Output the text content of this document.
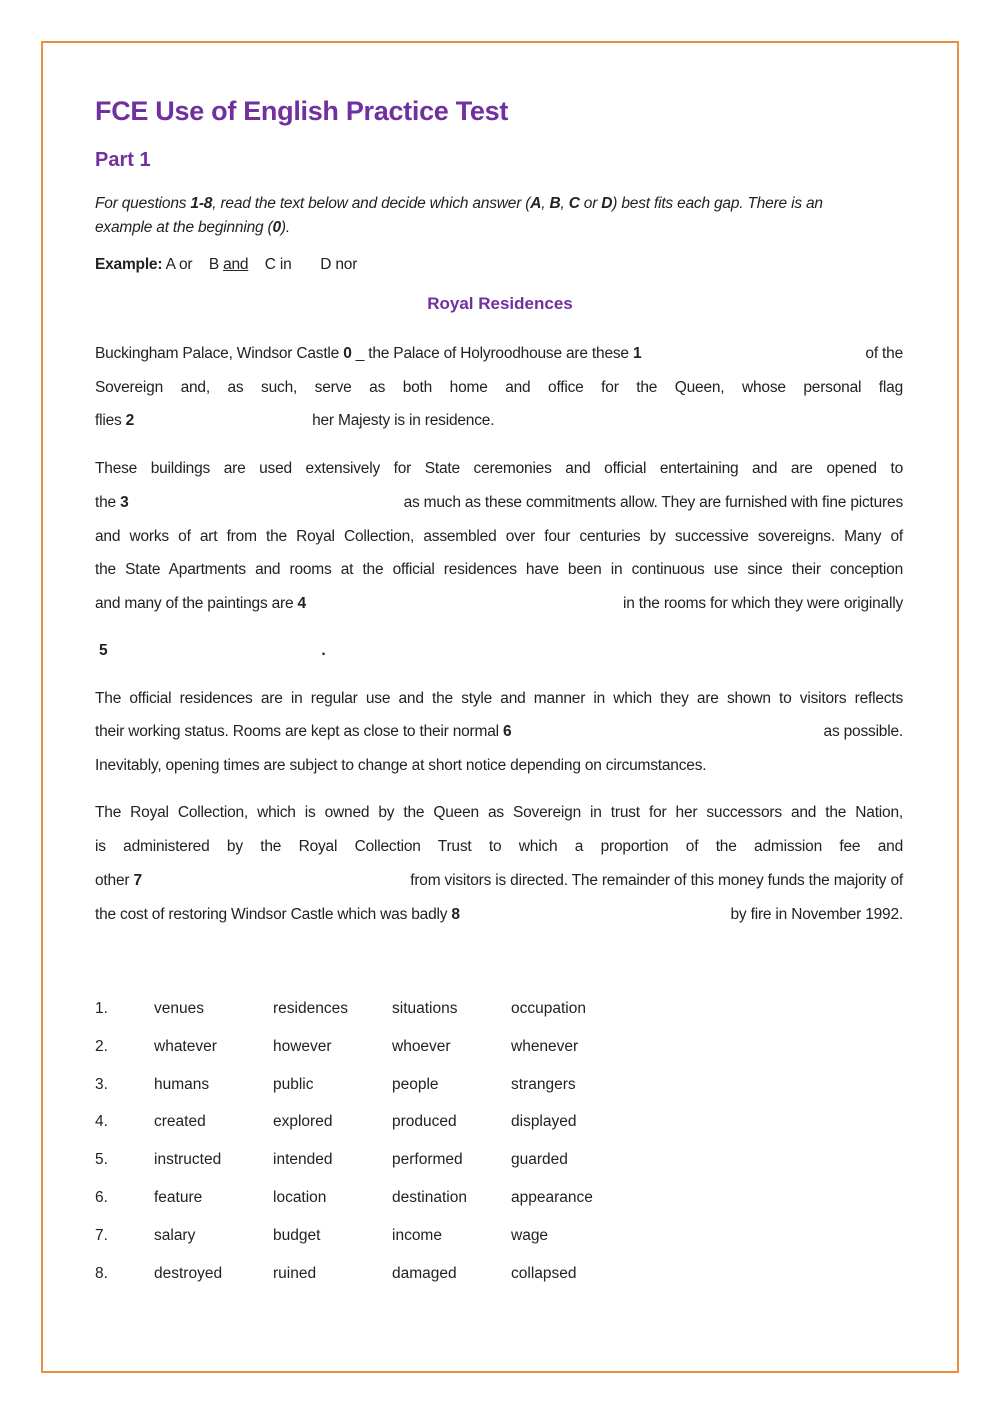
FCE Use of English Practice Test
Part 1
For questions 1-8, read the text below and decide which answer (A, B, C or D) best fits each gap. There is an
example at the beginning (0).
Example: A or B and C in D nor
Royal Residences
Buckingham Palace, Windsor Castle 0 _ the Palace of Holyroodhouse are these 1	of the
Sovereign and, as such, serve as both home and office for the Queen, whose personal flag
flies 2	her Majesty is in residence.
These buildings are used extensively for State ceremonies and official entertaining and are opened to
the 3	as much as these commitments allow. They are furnished with fine pictures
and works of art from the Royal Collection, assembled over four centuries by successive sovereigns. Many of
the State Apartments and rooms at the official residences have been in continuous use since their conception
and many of the paintings are 4	in the rooms for which they were originally
5	.
The official residences are in regular use and the style and manner in which they are shown to visitors reflects
their working status. Rooms are kept as close to their normal 6	as possible.
Inevitably, opening times are subject to change at short notice depending on circumstances.
The Royal Collection, which is owned by the Queen as Sovereign in trust for her successors and the Nation,
is administered by the Royal Collection Trust to which a proportion of the admission fee and
other 7	from visitors is directed. The remainder of this money funds the majority of
the cost of restoring Windsor Castle which was badly 8	by fire in November 1992.
1.	venues	residences	situations	occupation
2.	whatever	however	whoever	whenever
3.	humans	public	people	strangers
4.	created	explored	produced	displayed
5.	instructed	intended	performed	guarded
6.	feature	location	destination	appearance
7.	salary	budget	income	wage
8.	destroyed	ruined	damaged	collapsed
